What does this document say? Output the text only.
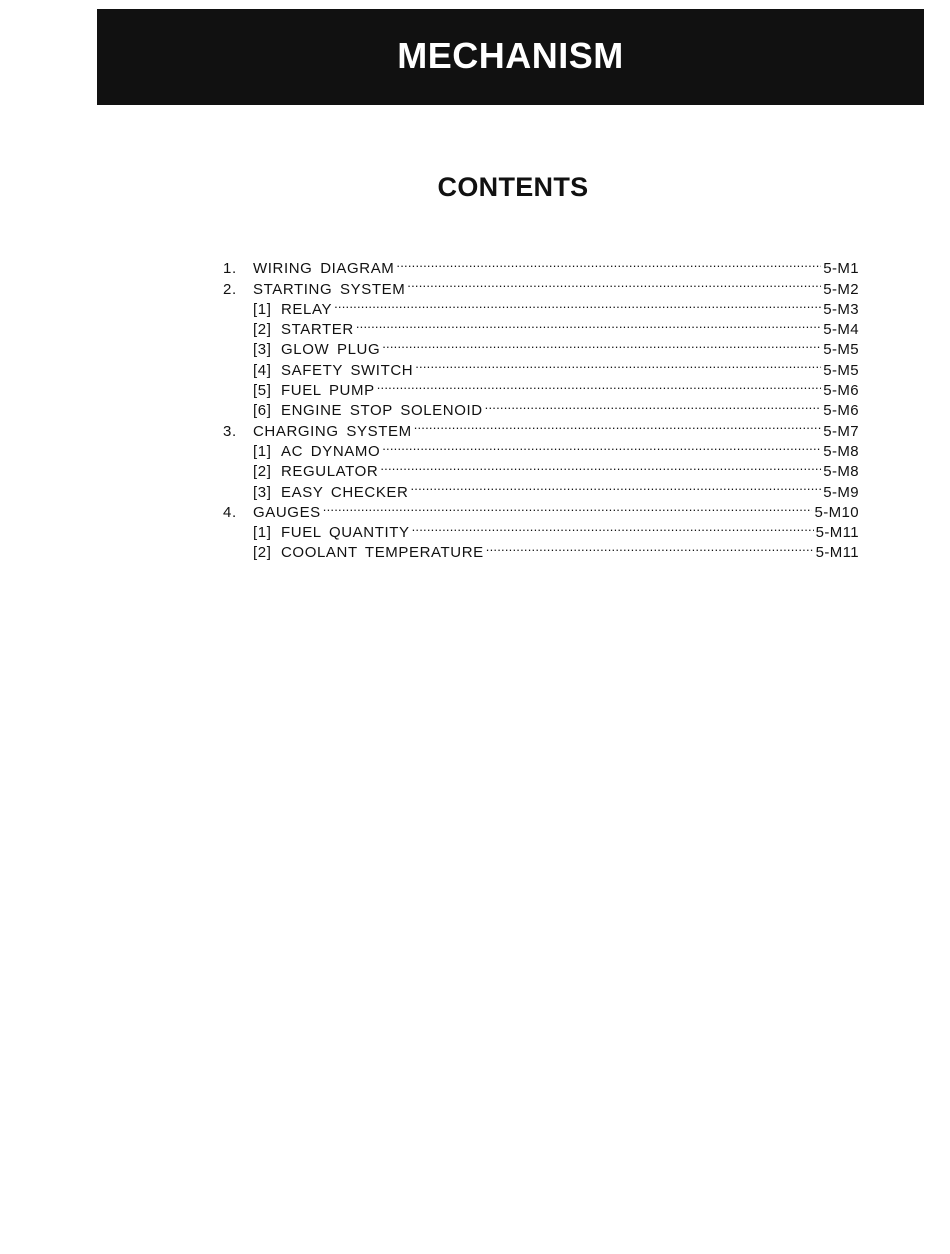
MECHANISM
CONTENTS
1.	WIRING DIAGRAM .....	5-M1
2.	STARTING SYSTEM .....	5-M2
[1] RELAY .....	5-M3
[2] STARTER .....	5-M4
[3] GLOW PLUG .....	5-M5
[4] SAFETY SWITCH .....	5-M5
[5] FUEL PUMP .....	5-M6
[6] ENGINE STOP SOLENOID .....	5-M6
3.	CHARGING SYSTEM .....	5-M7
[1] AC DYNAMO .....	5-M8
[2] REGULATOR .....	5-M8
[3] EASY CHECKER .....	5-M9
4.	GAUGES .....	5-M10
[1] FUEL QUANTITY .....	5-M11
[2] COOLANT TEMPERATURE .....	5-M11
